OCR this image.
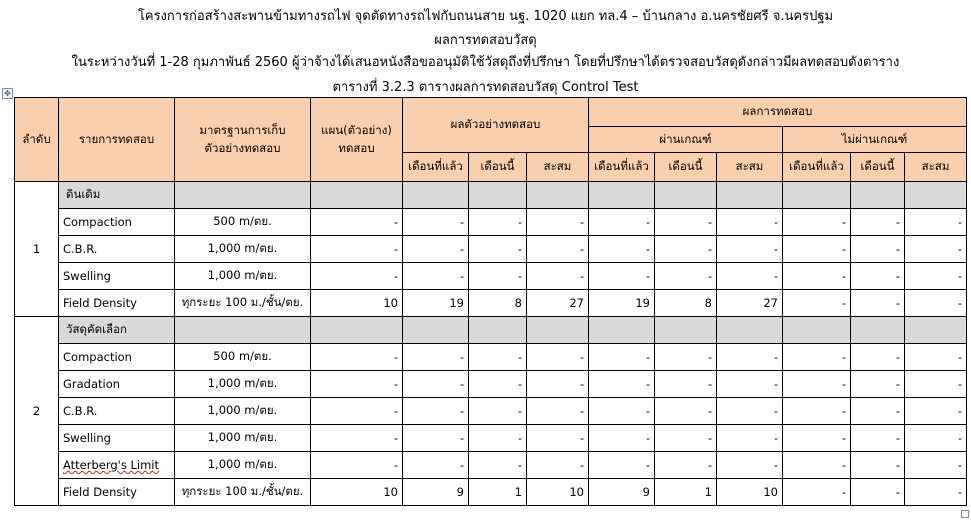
โครงการก่อสร้างสะพานข้ามทางรถไฟ จุดตัดทางรถไฟกับถนนสาย นฐ. 1020 แยก ทล.4 – บ้านกลาง อ.นครชัยศรี จ.นครปฐม
ผลการทดสอบวัสดุ
ในระหว่างวันที่ 1-28 กุมภาพันธ์ 2560 ผู้ว่าจ้างได้เสนอหนังสือขออนุมัติใช้วัสดุถึงที่ปรึกษา โดยที่ปรึกษาได้ตรวจสอบวัสดุดังกล่าวมีผลทดสอบดังตาราง
ตารางที่ 3.2.3 ตารางผลการทดสอบวัสดุ Control Test
✥
ลำดับ	รายการทดสอบ	มาตรฐานการเก็บ ตัวอย่างทดสอบ	แผน(ตัวอย่าง) ทดสอบ	ผลตัวอย่างทดสอบ			ผลการทดสอบ					
							ผ่านเกณฑ์			ไม่ผ่านเกณฑ์		
				เดือนที่แล้ว	เดือนนี้	สะสม	เดือนที่แล้ว	เดือนนี้	สะสม	เดือนที่แล้ว	เดือนนี้	สะสม
1	ดินเดิม											
	Compaction	500 m/ตย.	-	-	-	-	-	-	-	-	-	-
	C.B.R.	1,000 m/ตย.	-	-	-	-	-	-	-	-	-	-
	Swelling	1,000 m/ตย.	-	-	-	-	-	-	-	-	-	-
	Field Density	ทุกระยะ 100 ม./ชั้น/ตย.	10	19	8	27	19	8	27	-	-	-
2	วัสดุคัดเลือก											
	Compaction	500 m/ตย.	-	-	-	-	-	-	-	-	-	-
	Gradation	1,000 m/ตย.	-	-	-	-	-	-	-	-	-	-
	C.B.R.	1,000 m/ตย.	-	-	-	-	-	-	-	-	-	-
	Swelling	1,000 m/ตย.	-	-	-	-	-	-	-	-	-	-
	Atterberg's Limit	1,000 m/ตย.	-	-	-	-	-	-	-	-	-	-
	Field Density	ทุกระยะ 100 ม./ชั้น/ตย.	10	9	1	10	9	1	10	-	-	-
